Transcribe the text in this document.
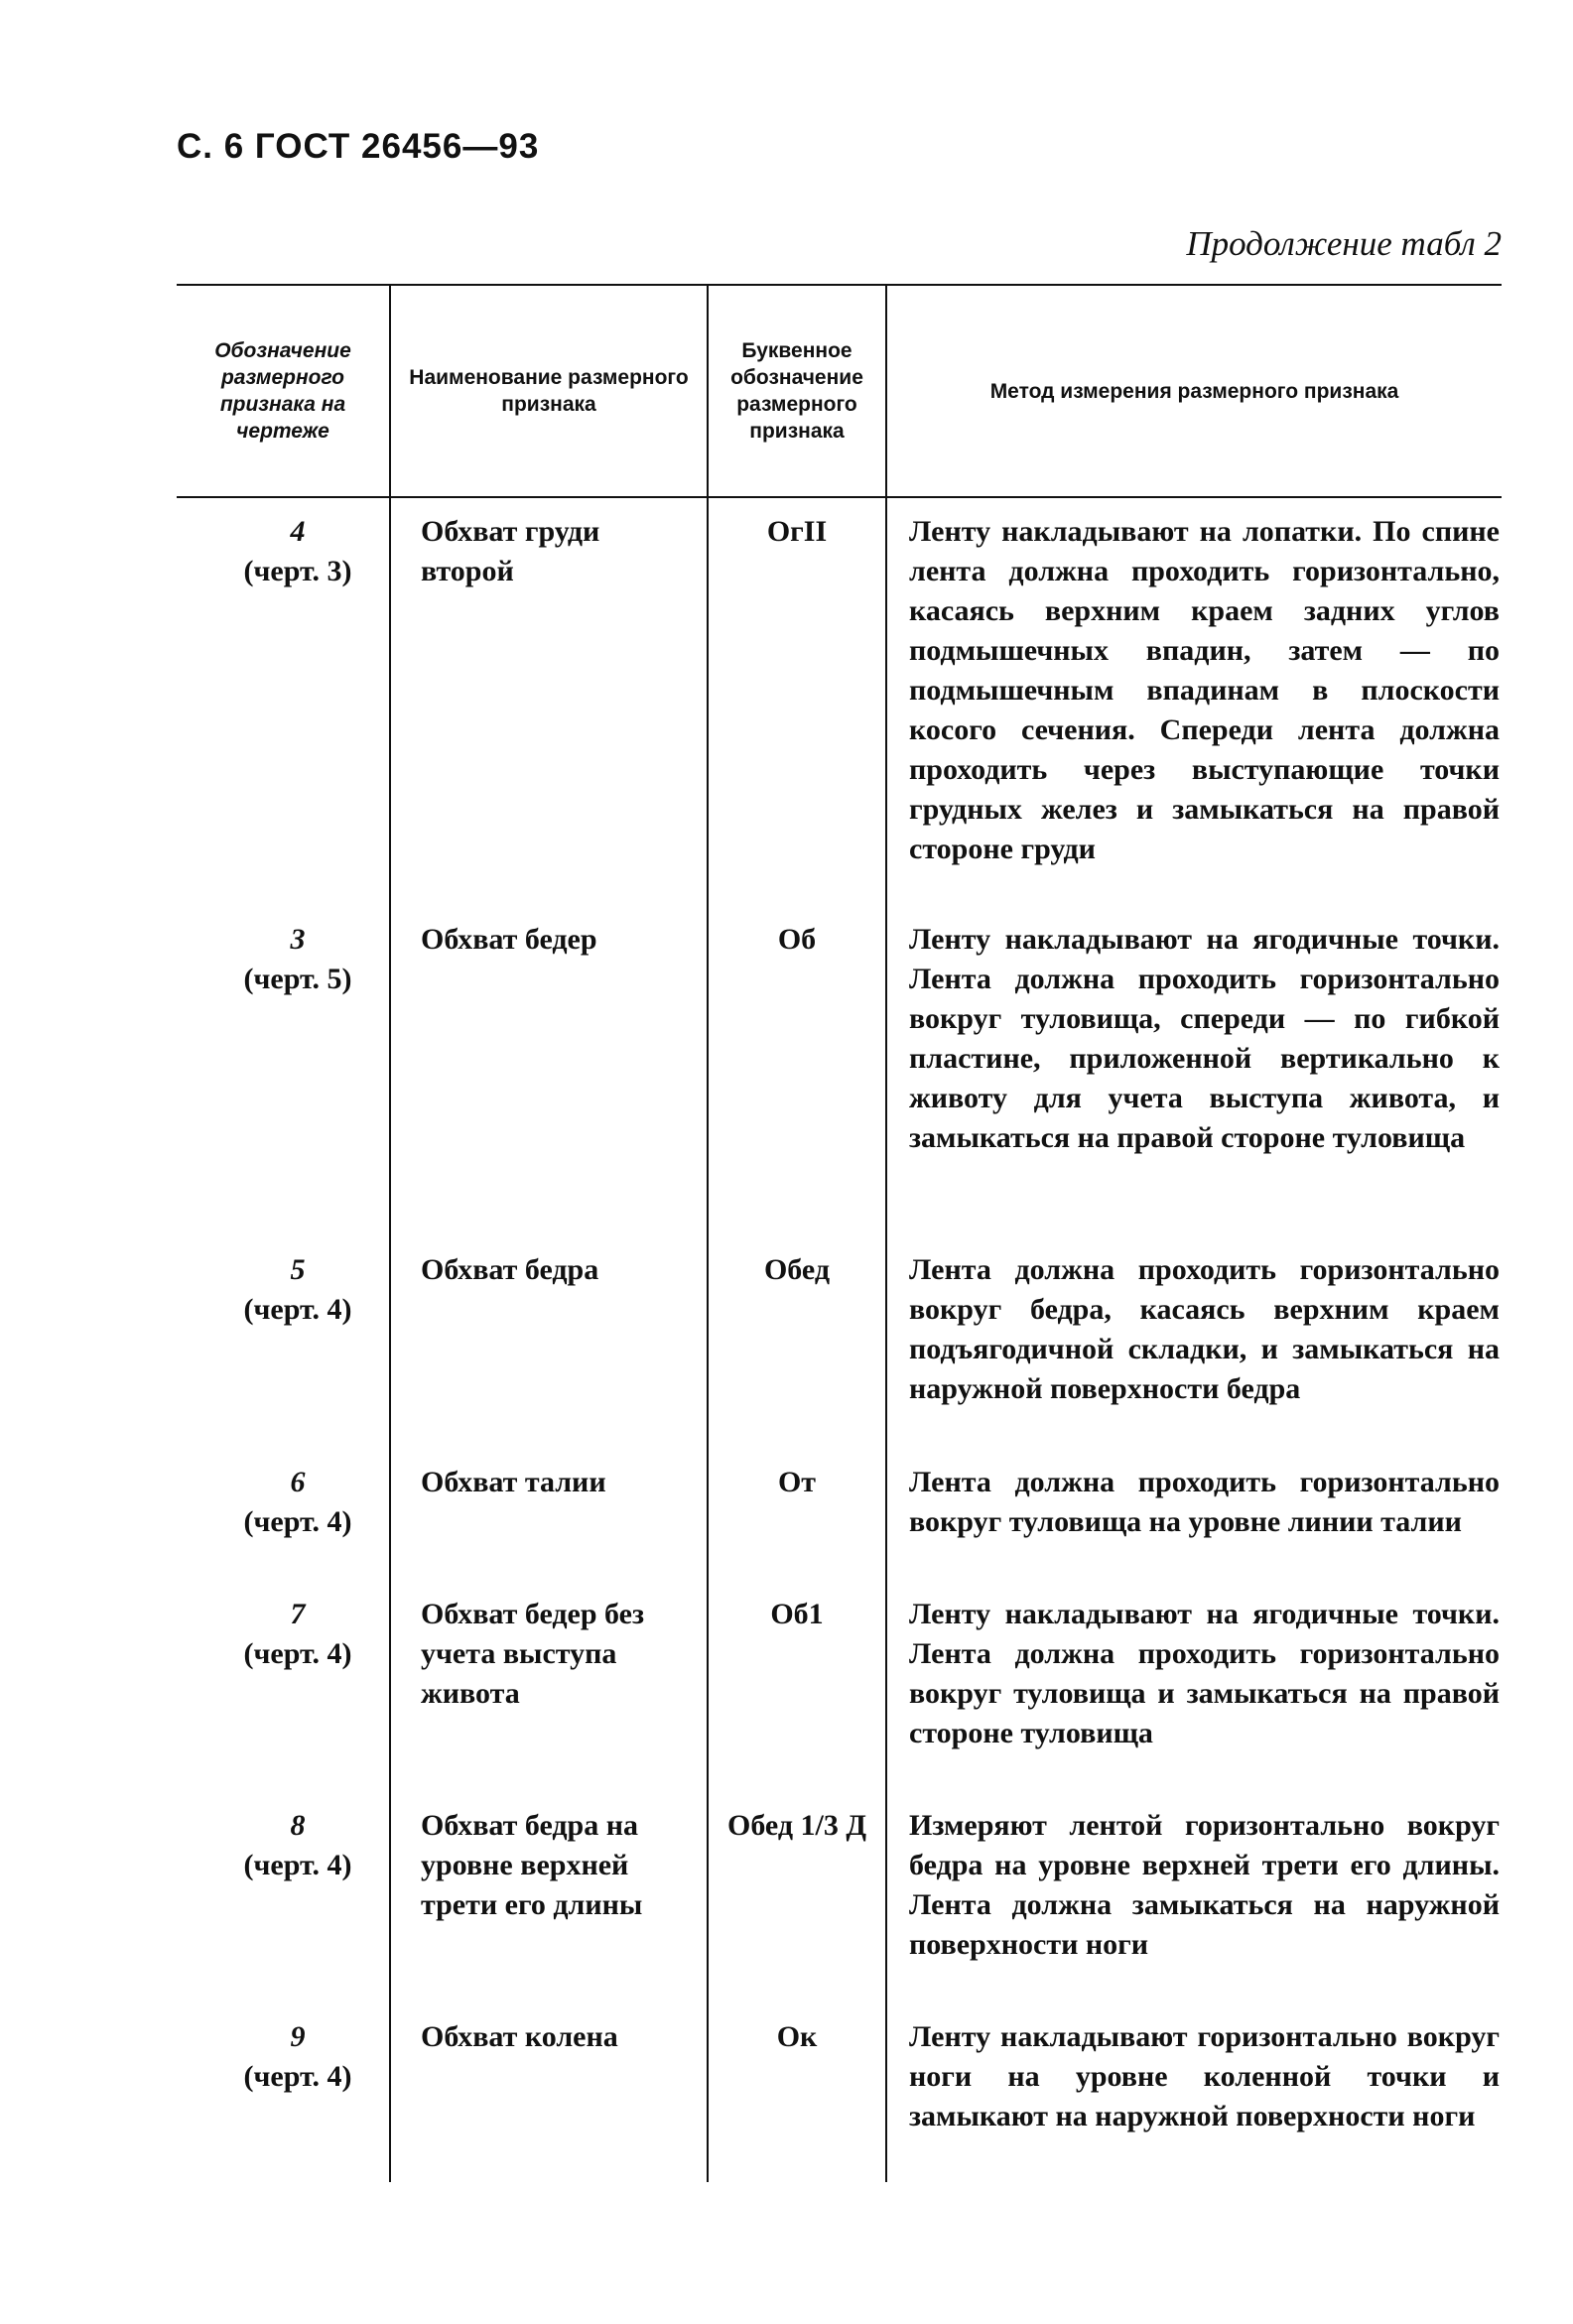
С. 6 ГОСТ 26456—93
Продолжение табл 2
Обозначение размерного признака на чертеже	Наименование размерного признака	Буквенное обозначение размерного признака	Метод измерения размерного признака

4
(черт. 3)	Обхват груди второй	ОгII	Ленту накладывают на лопатки. По спине лента должна проходить горизонтально, касаясь верхним краем задних углов подмышечных впадин, затем — по подмышечным впадинам в плоскости косого сечения. Спереди лента должна проходить через выступающие точки грудных желез и замыкаться на правой стороне груди

3
(черт. 5)	Обхват бедер	Об	Ленту накладывают на ягодичные точки. Лента должна проходить горизонтально вокруг туловища, спереди — по гибкой пластине, приложенной вертикально к животу для учета выступа живота, и замыкаться на правой стороне туловища

5
(черт. 4)	Обхват бедра	Обед	Лента должна проходить горизонтально вокруг бедра, касаясь верхним краем подъягодичной складки, и замыкаться на наружной поверхности бедра

6
(черт. 4)	Обхват талии	От	Лента должна проходить горизонтально вокруг туловища на уровне линии талии

7
(черт. 4)	Обхват бедер без учета выступа живота	Об1	Ленту накладывают на ягодичные точки. Лента должна проходить горизонтально вокруг туловища и замыкаться на правой стороне туловища

8
(черт. 4)	Обхват бедра на уровне верхней трети его длины	Обед 1/3 Д	Измеряют лентой горизонтально вокруг бедра на уровне верхней трети его длины. Лента должна замыкаться на наружной поверхности ноги

9
(черт. 4)	Обхват колена	Ок	Ленту накладывают горизонтально вокруг ноги на уровне коленной точки и замыкают на наружной поверхности ноги
